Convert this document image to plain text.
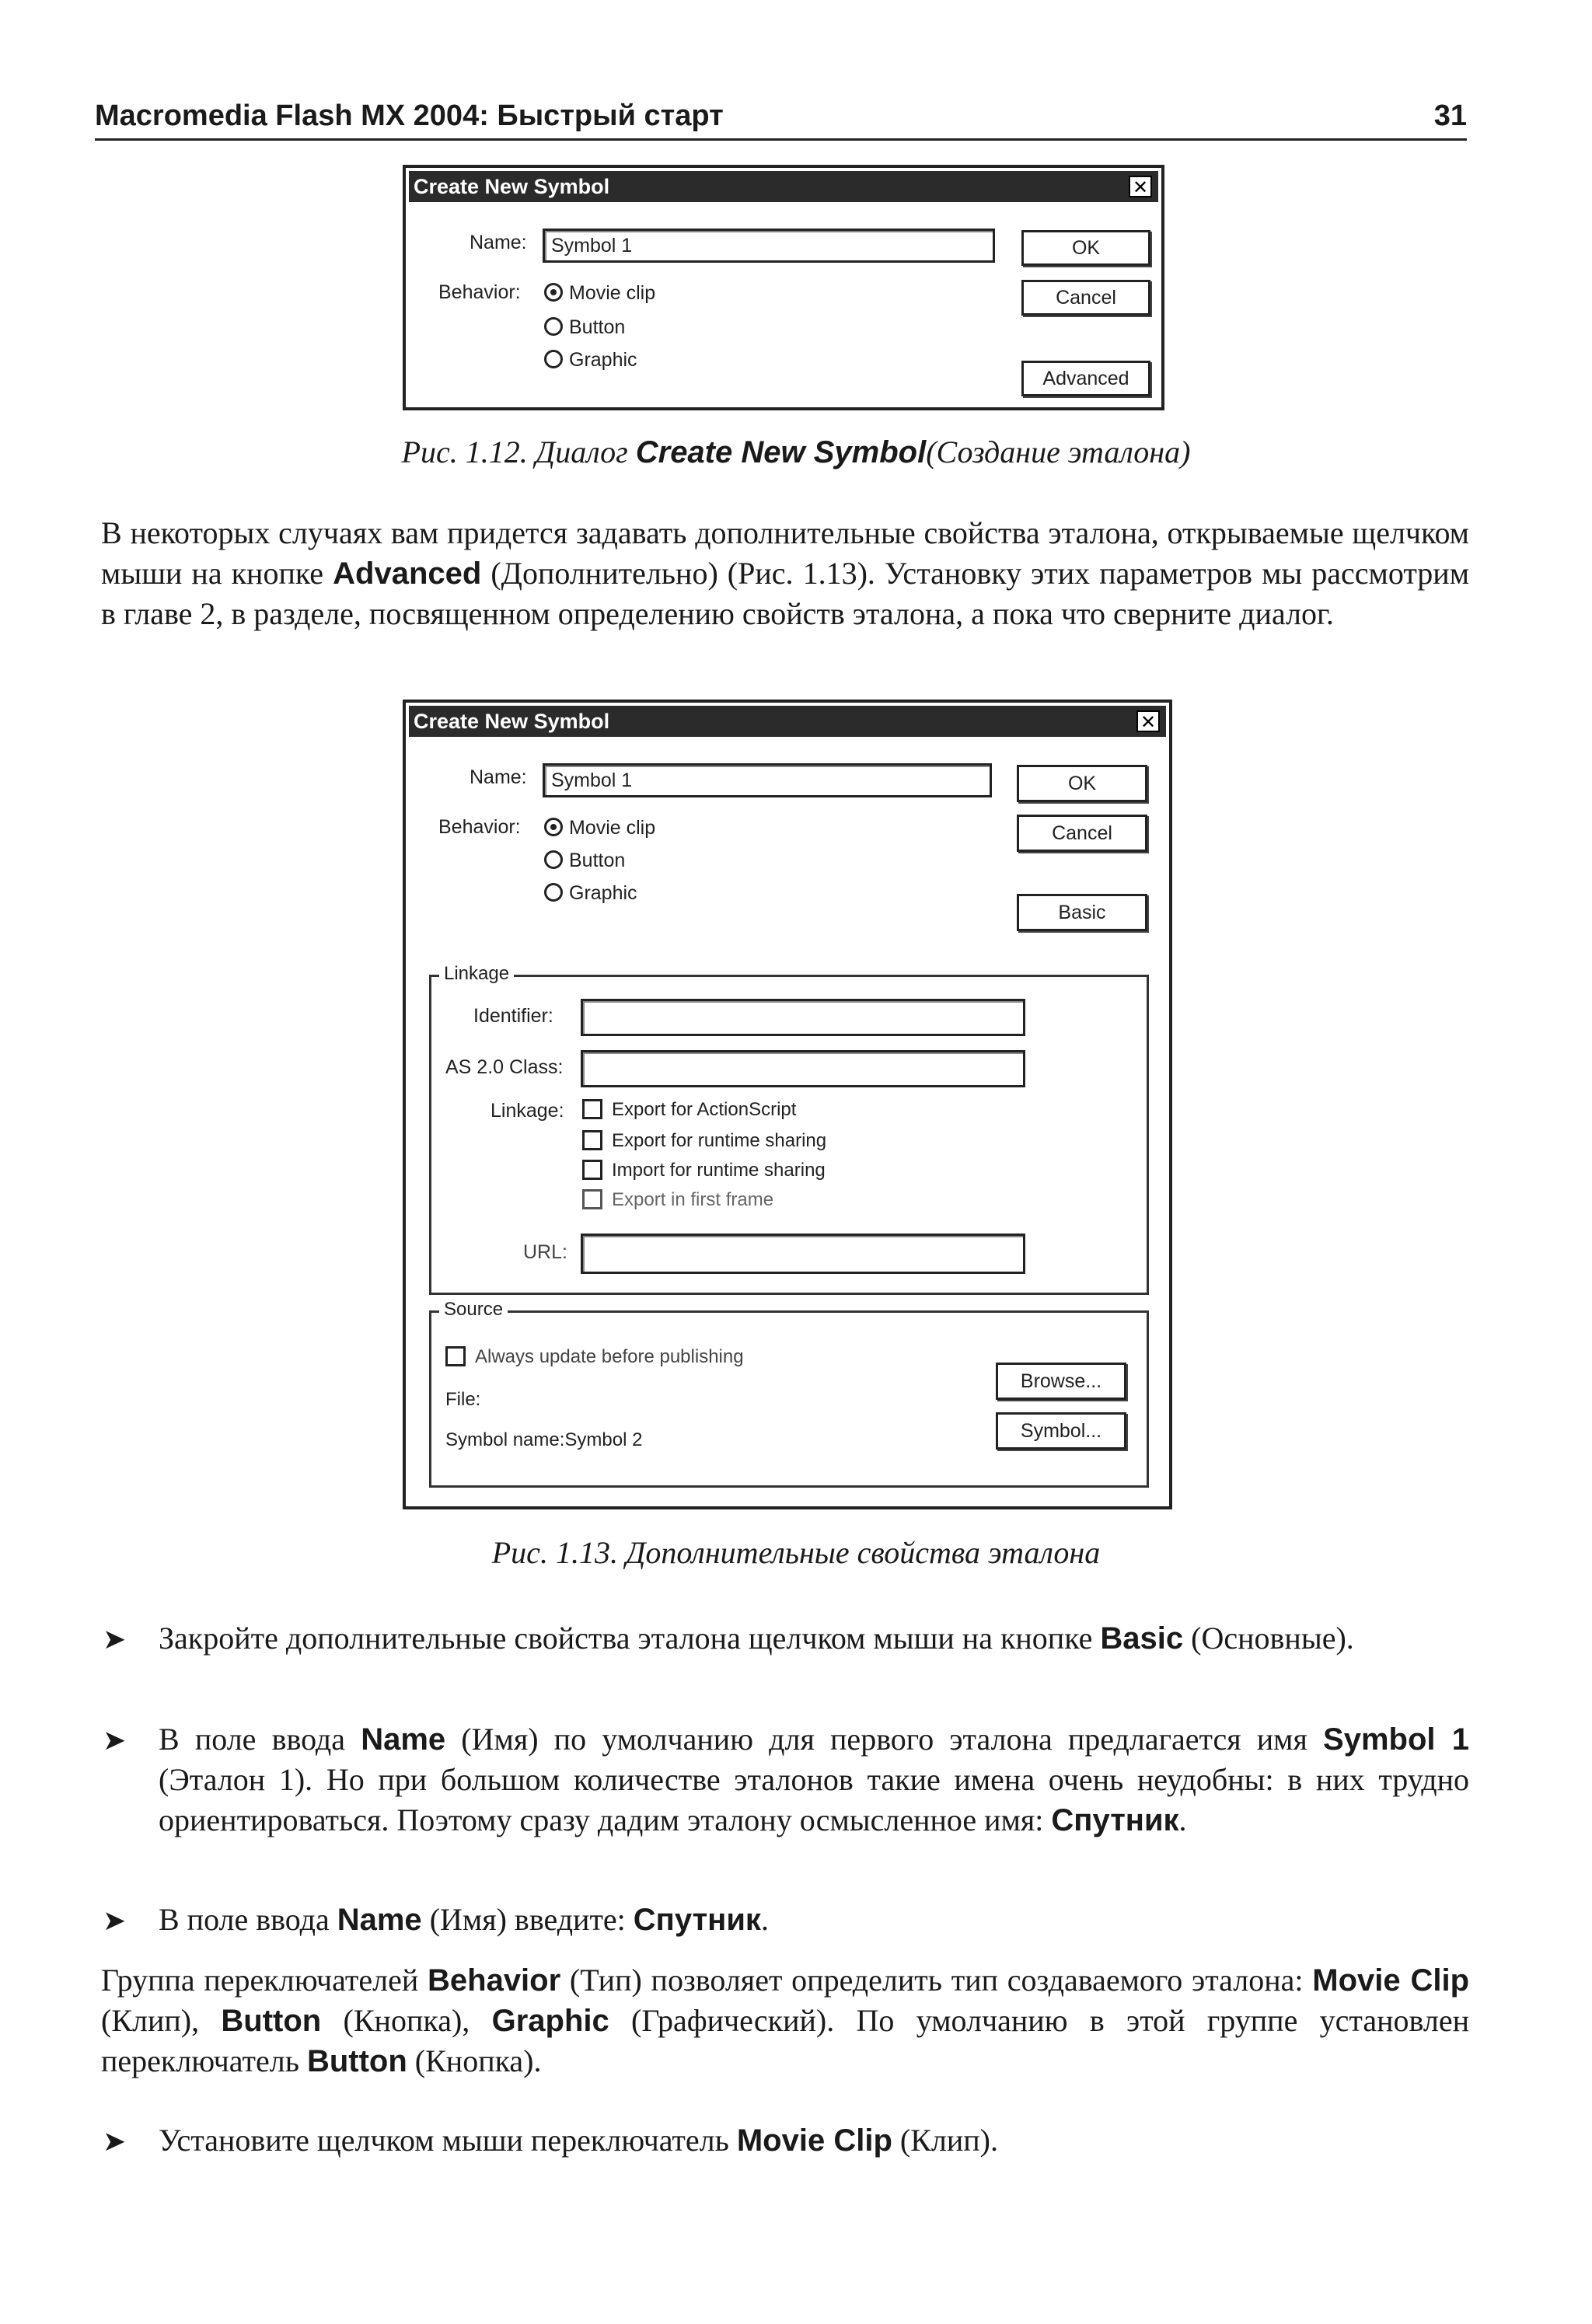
Macromedia Flash MX 2004: Быстрый старт	31
Create New Symbol	✕
Name:	Symbol 1
Behavior:	Movie clip
Button
Graphic
OK
Cancel
Advanced
Рис. 1.12. Диалог Create New Symbol(Создание эталона)
В некоторых случаях вам придется задавать дополнительные свойства эталона, открываемые щелчком мыши на кнопке Advanced (Дополнительно) (Рис. 1.13). Установку этих параметров мы рассмотрим в главе 2, в разделе, посвященном определению свойств эталона, а пока что сверните диалог.
Create New Symbol	✕
Name:	Symbol 1
Behavior:	Movie clip
Button
Graphic
OK
Cancel
Basic
Linkage
Identifier:
AS 2.0 Class:
Linkage:	Export for ActionScript
Export for runtime sharing
Import for runtime sharing
Export in first frame
URL:
Source
Always update before publishing
File:
Symbol name:Symbol 2
Browse...
Symbol...
Рис. 1.13. Дополнительные свойства эталона
➤ Закройте дополнительные свойства эталона щелчком мыши на кнопке Basic (Основные).
➤ В поле ввода Name (Имя) по умолчанию для первого эталона предлагается имя Symbol 1 (Эталон 1). Но при большом количестве эталонов такие имена очень неудобны: в них трудно ориентироваться. Поэтому сразу дадим эталону осмысленное имя: Спутник.
➤ В поле ввода Name (Имя) введите: Спутник.
Группа переключателей Behavior (Тип) позволяет определить тип создаваемого эталона: Movie Clip (Клип), Button (Кнопка), Graphic (Графический). По умолчанию в этой группе установлен переключатель Button (Кнопка).
➤ Установите щелчком мыши переключатель Movie Clip (Клип).
